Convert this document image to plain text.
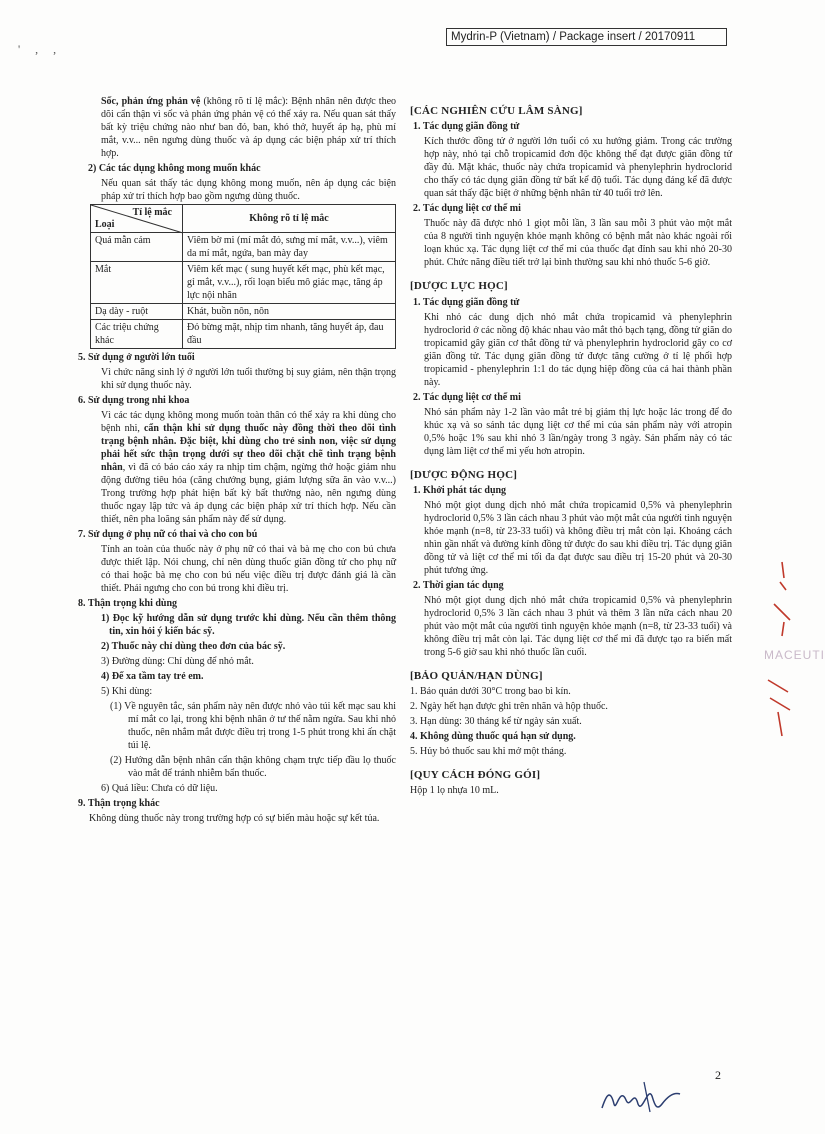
Mydrin-P (Vietnam) / Package insert / 20170911
' , ,

Sốc, phản ứng phản vệ (không rõ tỉ lệ mắc): Bệnh nhân nên được theo dõi cẩn thận vì sốc và phản ứng phản vệ có thể xảy ra. Nếu quan sát thấy bất kỳ triệu chứng nào như ban đỏ, ban, khó thở, huyết áp hạ, phù mí mắt, v.v... nên ngưng dùng thuốc và áp dụng các biện pháp xử trí thích hợp.

2) Các tác dụng không mong muốn khác

Nếu quan sát thấy tác dụng không mong muốn, nên áp dụng các biện pháp xử trí thích hợp bao gồm ngưng dùng thuốc.

Tỉ lệ mắc
Loại	Không rõ tỉ lệ mắc
Quá mẫn cảm	Viêm bờ mi (mí mắt đỏ, sưng mí mắt, v.v...), viêm da mí mắt, ngứa, ban mày đay
Mắt	Viêm kết mạc ( sung huyết kết mạc, phù kết mạc, gỉ mắt, v.v...), rối loạn biểu mô giác mạc, tăng áp lực nội nhãn
Dạ dày - ruột	Khát, buồn nôn, nôn
Các triệu chứng khác	Đỏ bừng mặt, nhịp tim nhanh, tăng huyết áp, đau đầu

5. Sử dụng ở người lớn tuổi

Vì chức năng sinh lý ở người lớn tuổi thường bị suy giảm, nên thận trọng khi sử dụng thuốc này.

6. Sử dụng trong nhi khoa

Vì các tác dụng không mong muốn toàn thân có thể xảy ra khi dùng cho bệnh nhi, cẩn thận khi sử dụng thuốc này đồng thời theo dõi tình trạng bệnh nhân. Đặc biệt, khi dùng cho trẻ sinh non, việc sử dụng phải hết sức thận trọng dưới sự theo dõi chặt chẽ tình trạng bệnh nhân, vì đã có báo cáo xảy ra nhịp tim chậm, ngừng thở hoặc giảm nhu động đường tiêu hóa (căng chướng bụng, giảm lượng sữa ăn vào v.v...) Trong trường hợp phát hiện bất kỳ bất thường nào, nên ngưng dùng thuốc ngay lập tức và áp dụng các biện pháp xử trí thích hợp. Nếu cần thiết, nên pha loãng sản phẩm này để sử dụng.

7. Sử dụng ở phụ nữ có thai và cho con bú

Tính an toàn của thuốc này ở phụ nữ có thai và bà mẹ cho con bú chưa được thiết lập. Nói chung, chỉ nên dùng thuốc giãn đồng tử cho phụ nữ có thai hoặc bà mẹ cho con bú nếu việc điều trị được đánh giá là cần thiết. Phải ngưng cho con bú trong khi điều trị.

8. Thận trọng khi dùng

1) Đọc kỹ hướng dẫn sử dụng trước khi dùng. Nếu cần thêm thông tin, xin hỏi ý kiến bác sỹ.

2) Thuốc này chỉ dùng theo đơn của bác sỹ.

3) Đường dùng: Chỉ dùng để nhỏ mắt.

4) Để xa tầm tay trẻ em.

5) Khi dùng:

(1) Về nguyên tắc, sản phẩm này nên được nhỏ vào túi kết mạc sau khi mí mắt co lại, trong khi bệnh nhân ở tư thế nằm ngửa. Sau khi nhỏ thuốc, nên nhắm mắt được điều trị trong 1-5 phút trong khi ấn chặt túi lệ.

(2) Hướng dẫn bệnh nhân cẩn thận không chạm trực tiếp đầu lọ thuốc vào mắt để tránh nhiễm bẩn thuốc.

6) Quá liều: Chưa có dữ liệu.

9. Thận trọng khác

Không dùng thuốc này trong trường hợp có sự biến màu hoặc sự kết tủa.

[CÁC NGHIÊN CỨU LÂM SÀNG]

1. Tác dụng giãn đồng tử

Kích thước đồng tử ở người lớn tuổi có xu hướng giảm. Trong các trường hợp này, nhỏ tại chỗ tropicamid đơn độc không thể đạt được giãn đồng tử đầy đủ. Mặt khác, thuốc này chứa tropicamid và phenylephrin hydroclorid cho thấy có tác dụng giãn đồng tử bất kể độ tuổi. Tác dụng đáng kể đã được quan sát thấy đặc biệt ở những bệnh nhân từ 40 tuổi trở lên.

2. Tác dụng liệt cơ thể mi

Thuốc này đã được nhỏ 1 giọt mỗi lần, 3 lần sau mỗi 3 phút vào một mắt của 8 người tình nguyện khỏe mạnh không có bệnh mắt nào khác ngoài rối loạn khúc xạ. Tác dụng liệt cơ thể mi của thuốc đạt đỉnh sau khi nhỏ 20-30 phút. Chức năng điều tiết trở lại bình thường sau khi nhỏ thuốc 5-6 giờ.

[DƯỢC LỰC HỌC]

1. Tác dụng giãn đồng tử

Khi nhỏ các dung dịch nhỏ mắt chứa tropicamid và phenylephrin hydroclorid ở các nồng độ khác nhau vào mắt thỏ bạch tạng, đồng tử giãn do tropicamid gây giãn cơ thắt đồng tử và phenylephrin hydroclorid gây co cơ giãn đồng tử. Tác dụng giãn đồng tử được tăng cường ở tỉ lệ phối hợp tropicamid - phenylephrin 1:1 do tác dụng hiệp đồng của cả hai thành phần này.

2. Tác dụng liệt cơ thể mi

Nhỏ sản phẩm này 1-2 lần vào mắt trẻ bị giảm thị lực hoặc lác trong để đo khúc xạ và so sánh tác dụng liệt cơ thể mi của sản phẩm này với atropin 0,5% hoặc 1% sau khi nhỏ 3 lần/ngày trong 3 ngày. Sản phẩm này có tác dụng làm liệt cơ thể mi yếu hơn atropin.

[DƯỢC ĐỘNG HỌC]

1. Khởi phát tác dụng

Nhỏ một giọt dung dịch nhỏ mắt chứa tropicamid 0,5% và phenylephrin hydroclorid 0,5% 3 lần cách nhau 3 phút vào một mắt của người tình nguyện khỏe mạnh (n=8, từ 23-33 tuổi) và không điều trị mắt còn lại. Khoảng cách nhìn gần nhất và đường kính đồng tử được đo sau khi điều trị. Tác dụng giãn đồng tử và liệt cơ thể mi tối đa đạt được sau điều trị 15-20 phút và 20-30 phút tương ứng.

2. Thời gian tác dụng

Nhỏ một giọt dung dịch nhỏ mắt chứa tropicamid 0,5% và phenylephrin hydroclorid 0,5% 3 lần cách nhau 3 phút và thêm 3 lần nữa cách nhau 20 phút vào một mắt của người tình nguyện khỏe mạnh (n=8, từ 23-33 tuổi) và không điều trị mắt còn lại. Tác dụng liệt cơ thể mi đã được tạo ra biến mất trong 5-6 giờ sau khi nhỏ thuốc lần cuối.

[BẢO QUẢN/HẠN DÙNG]

1. Bảo quản dưới 30°C trong bao bì kín.

2. Ngày hết hạn được ghi trên nhãn và hộp thuốc.

3. Hạn dùng: 30 tháng kể từ ngày sản xuất.

4. Không dùng thuốc quá hạn sử dụng.

5. Hủy bỏ thuốc sau khi mở một tháng.

[QUY CÁCH ĐÓNG GÓI]

Hộp 1 lọ nhựa 10 mL.

MACEUTI
2
